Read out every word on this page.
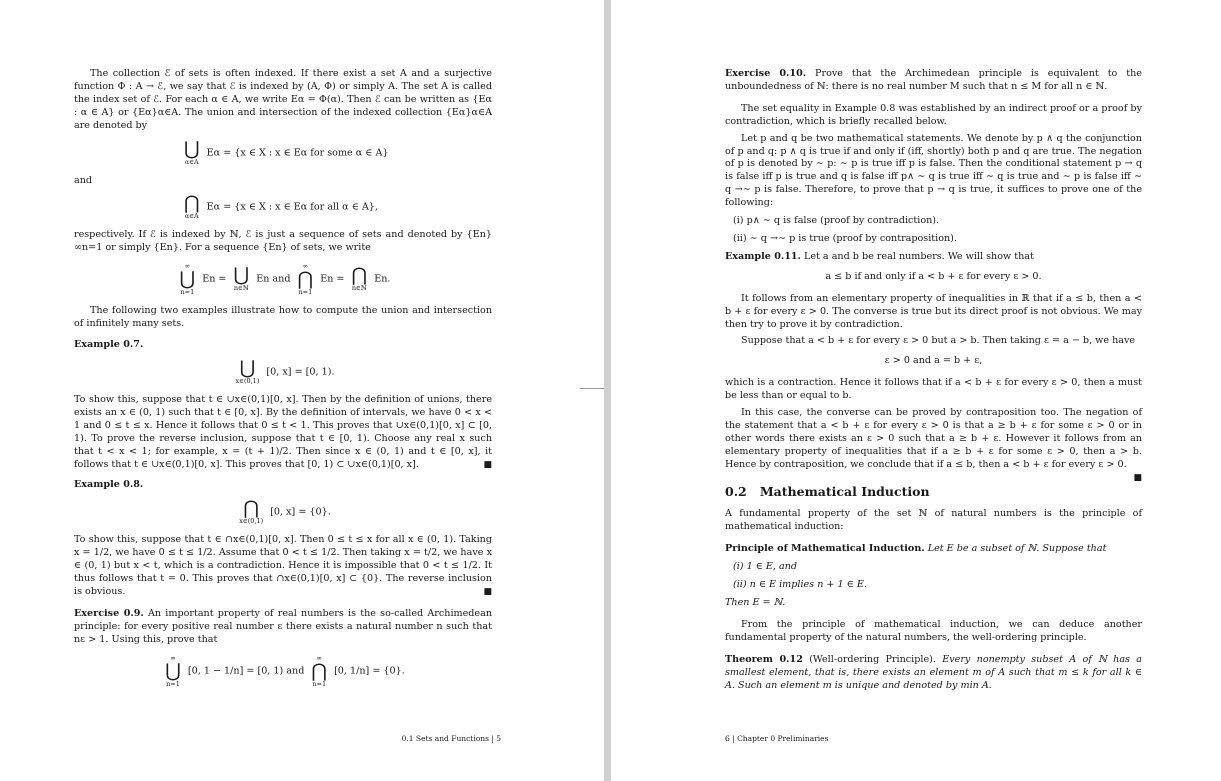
The collection ℰ of sets is often indexed. If there exist a set A and a surjective function Φ : A → ℰ, we say that ℰ is indexed by (A, Φ) or simply A. The set A is called the index set of ℰ. For each α ∈ A, we write Eα = Φ(α). Then ℰ can be written as {Eα : α ∈ A} or {Eα}α∈A. The union and intersection of the indexed collection {Eα}α∈A are denoted by

⋃
α∈A
Eα = {x ∈ X : x ∈ Eα for some α ∈ A}

and

⋂
α∈A
Eα = {x ∈ X : x ∈ Eα for all α ∈ A},

respectively. If ℰ is indexed by ℕ, ℰ is just a sequence of sets and denoted by {En}∞n=1 or simply {En}. For a sequence {En} of sets, we write

∞
⋃
n=1
En = ⋃
n∈ℕ
En and
∞
⋂
n=1
En = ⋂
n∈ℕ
En.

The following two examples illustrate how to compute the union and intersection of infinitely many sets.

Example 0.7.
⋃
x∈(0,1)
[0, x] = [0, 1).

To show this, suppose that t ∈ ∪x∈(0,1)[0, x]. Then by the definition of unions, there exists an x ∈ (0, 1) such that t ∈ [0, x]. By the definition of intervals, we have 0 < x < 1 and 0 ≤ t ≤ x. Hence it follows that 0 ≤ t < 1. This proves that ∪x∈(0,1)[0, x] ⊂ [0, 1). To prove the reverse inclusion, suppose that t ∈ [0, 1). Choose any real x such that t < x < 1; for example, x = (t + 1)/2. Then since x ∈ (0, 1) and t ∈ [0, x], it follows that t ∈ ∪x∈(0,1)[0, x]. This proves that [0, 1) ⊂ ∪x∈(0,1)[0, x].	■

Example 0.8.
⋂
x∈(0,1)
[0, x] = {0}.

To show this, suppose that t ∈ ∩x∈(0,1)[0, x]. Then 0 ≤ t ≤ x for all x ∈ (0, 1). Taking x = 1/2, we have 0 ≤ t ≤ 1/2. Assume that 0 < t ≤ 1/2. Then taking x = t/2, we have x ∈ (0, 1) but x < t, which is a contradiction. Hence it is impossible that 0 < t ≤ 1/2. It thus follows that t = 0. This proves that ∩x∈(0,1)[0, x] ⊂ {0}. The reverse inclusion is obvious.	■

Exercise 0.9. An important property of real numbers is the so-called Archimedean principle: for every positive real number ε there exists a natural number n such that nε > 1. Using this, prove that

∞
⋃
n=1
[0, 1 − 1/n] = [0, 1) and
∞
⋂
n=1
[0, 1/n] = {0}.
0.1 Sets and Functions | 5

Exercise 0.10. Prove that the Archimedean principle is equivalent to the unboundedness of ℕ: there is no real number M such that n ≤ M for all n ∈ ℕ.

The set equality in Example 0.8 was established by an indirect proof or a proof by contradiction, which is briefly recalled below.

Let p and q be two mathematical statements. We denote by p ∧ q the conjunction of p and q: p ∧ q is true if and only if (iff, shortly) both p and q are true. The negation of p is denoted by ∼ p: ∼ p is true iff p is false. Then the conditional statement p → q is false iff p is true and q is false iff p∧ ∼ q is true iff ∼ q is true and ∼ p is false iff ∼ q →∼ p is false. Therefore, to prove that p → q is true, it suffices to prove one of the following:

(i) p∧ ∼ q is false (proof by contradiction).
(ii) ∼ q →∼ p is true (proof by contraposition).

Example 0.11. Let a and b be real numbers. We will show that

a ≤ b if and only if a < b + ε for every ε > 0.

It follows from an elementary property of inequalities in ℝ that if a ≤ b, then a < b + ε for every ε > 0. The converse is true but its direct proof is not obvious. We may then try to prove it by contradiction.

Suppose that a < b + ε for every ε > 0 but a > b. Then taking ε = a − b, we have

ε > 0 and a = b + ε,

which is a contraction. Hence it follows that if a < b + ε for every ε > 0, then a must be less than or equal to b.

In this case, the converse can be proved by contraposition too. The negation of the statement that a < b + ε for every ε > 0 is that a ≥ b + ε for some ε > 0 or in other words there exists an ε > 0 such that a ≥ b + ε. However it follows from an elementary property of inequalities that if a ≥ b + ε for some ε > 0, then a > b. Hence by contraposition, we conclude that if a ≤ b, then a < b + ε for every ε > 0.
■

0.2 Mathematical Induction

A fundamental property of the set ℕ of natural numbers is the principle of mathematical induction:

Principle of Mathematical Induction. Let E be a subset of ℕ. Suppose that

(i) 1 ∈ E, and
(ii) n ∈ E implies n + 1 ∈ E.

Then E = ℕ.

From the principle of mathematical induction, we can deduce another fundamental property of the natural numbers, the well-ordering principle.

Theorem 0.12 (Well-ordering Principle). Every nonempty subset A of ℕ has a smallest element, that is, there exists an element m of A such that m ≤ k for all k ∈ A. Such an element m is unique and denoted by min A.

6 | Chapter 0 Preliminaries
